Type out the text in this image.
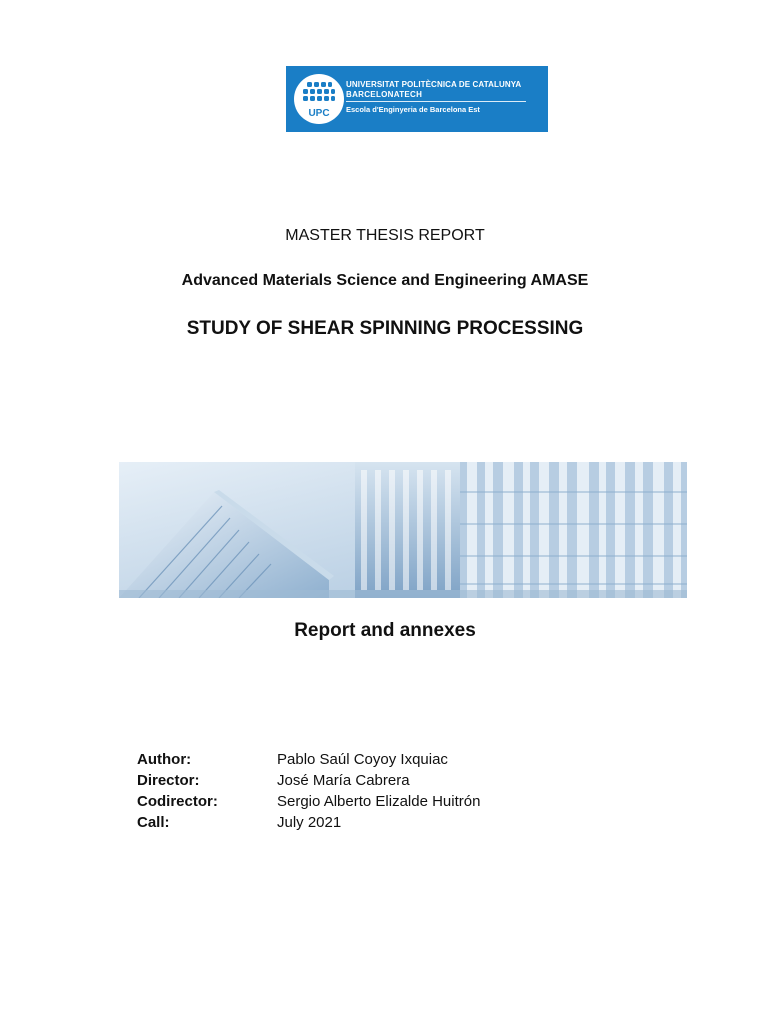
UPC
UNIVERSITAT POLITÈCNICA DE CATALUNYA
BARCELONATECH
Escola d'Enginyeria de Barcelona Est
MASTER THESIS REPORT
Advanced Materials Science and Engineering AMASE
STUDY OF SHEAR SPINNING PROCESSING
Report and annexes
Author:	Pablo Saúl Coyoy Ixquiac
Director:	José María Cabrera
Codirector:	Sergio Alberto Elizalde Huitrón
Call:	July 2021
